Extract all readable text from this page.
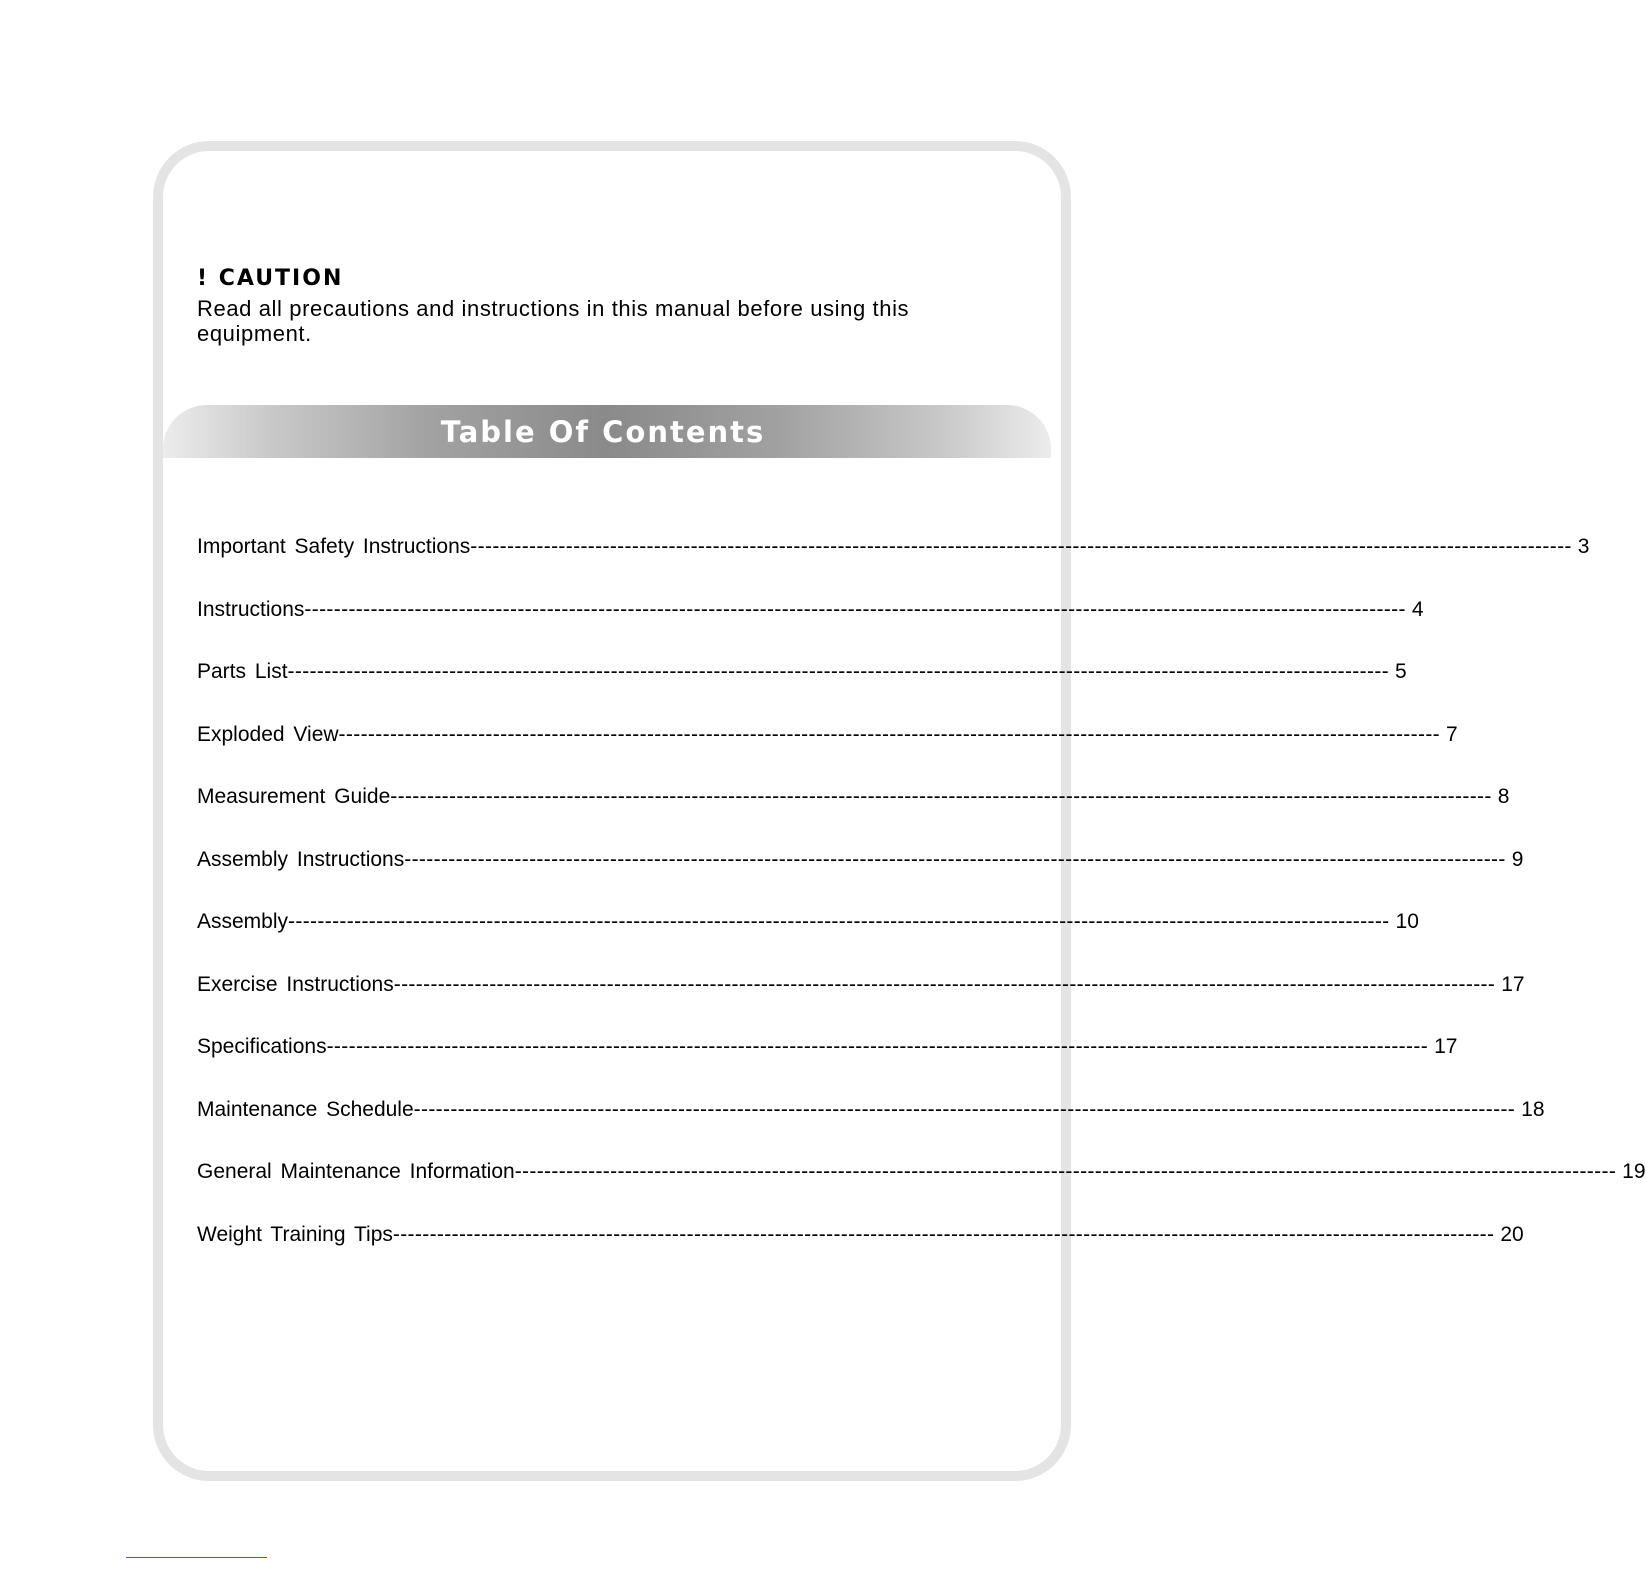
! CAUTION

Read all precautions and instructions in this manual before using this equipment.

Table Of Contents
Important Safety Instructions ------------------------------------------------------------------------------------------------------------------------------------------------------ 3
Instructions ------------------------------------------------------------------------------------------------------------------------------------------------------ 4
Parts List ------------------------------------------------------------------------------------------------------------------------------------------------------ 5
Exploded View ------------------------------------------------------------------------------------------------------------------------------------------------------ 7
Measurement Guide ------------------------------------------------------------------------------------------------------------------------------------------------------ 8
Assembly Instructions ------------------------------------------------------------------------------------------------------------------------------------------------------ 9
Assembly ------------------------------------------------------------------------------------------------------------------------------------------------------ 10
Exercise Instructions ------------------------------------------------------------------------------------------------------------------------------------------------------ 17
Specifications ------------------------------------------------------------------------------------------------------------------------------------------------------ 17
Maintenance Schedule ------------------------------------------------------------------------------------------------------------------------------------------------------ 18
General Maintenance Information ------------------------------------------------------------------------------------------------------------------------------------------------------ 19
Weight Training Tips ------------------------------------------------------------------------------------------------------------------------------------------------------ 20
